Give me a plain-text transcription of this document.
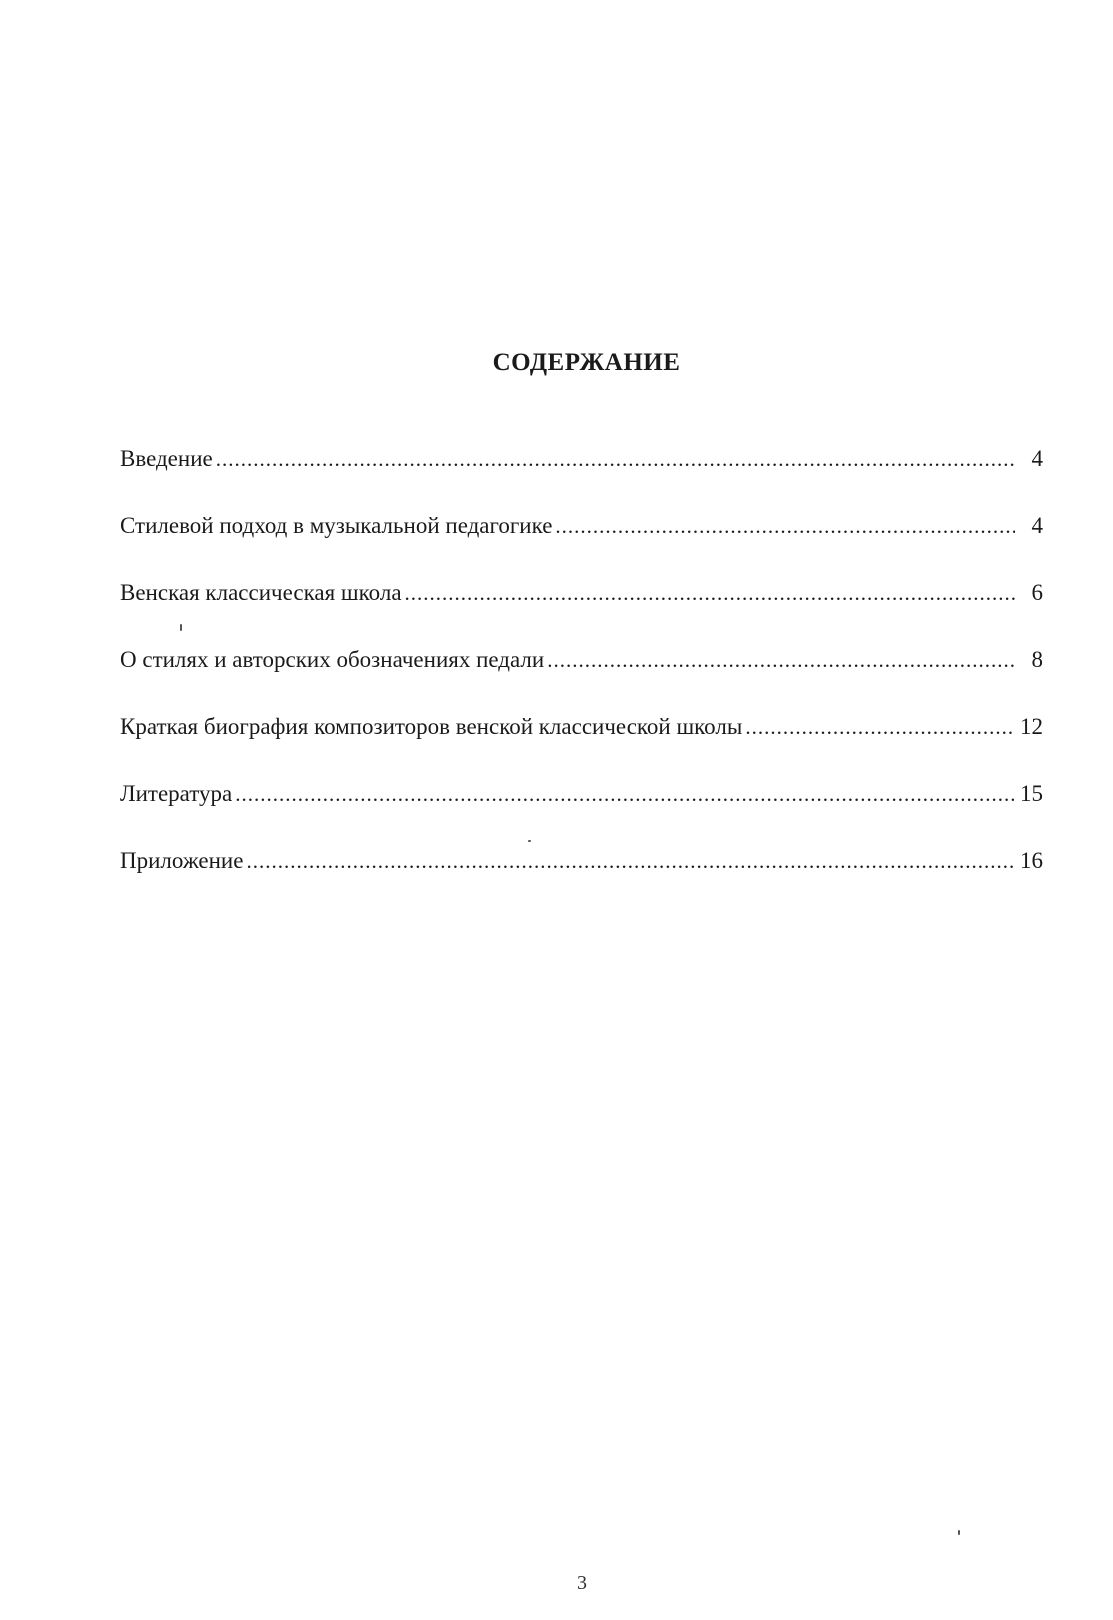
СОДЕРЖАНИЕ
Введение .....	4
Стилевой подход в музыкальной педагогике .....	4
Венская классическая школа .....	6
О стилях и авторских обозначениях педали .....	8
Краткая биография композиторов венской классической школы .....	12
Литература .....	15
Приложение .....	16
3
